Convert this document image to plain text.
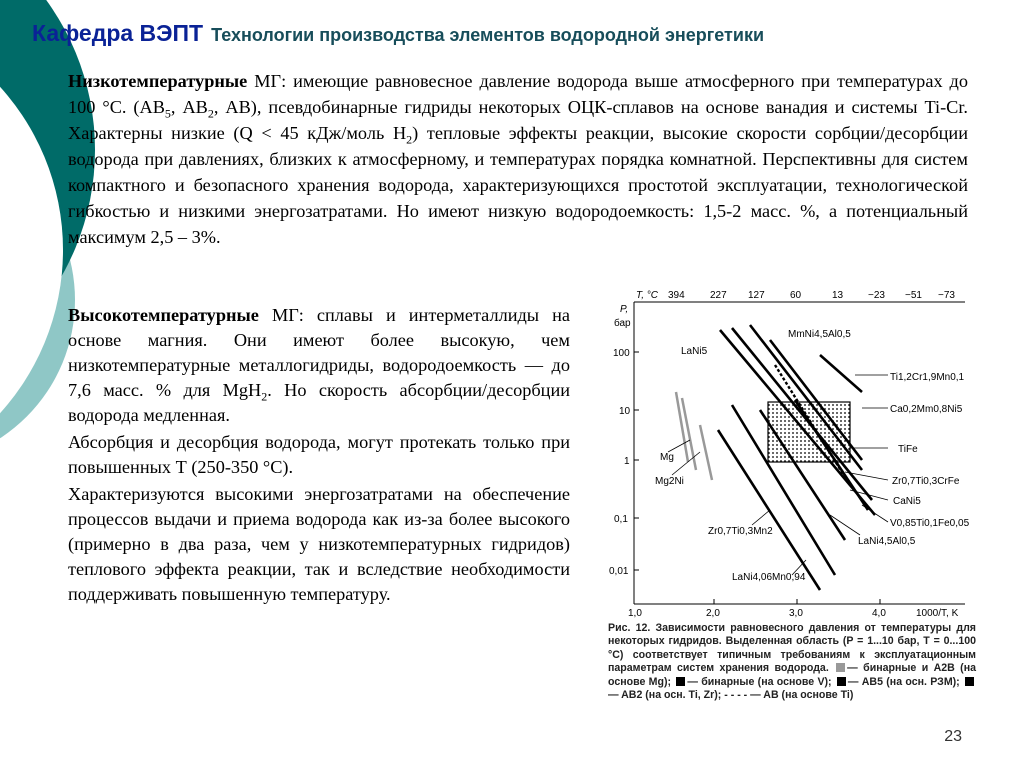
Кафедра ВЭПТ Технологии производства элементов водородной энергетики
Низкотемпературные МГ: имеющие равновесное давление водорода выше атмосферного при температурах до 100 °С. ($АВ_5$, $АВ_2$, АВ), псевдобинарные гидриды некоторых ОЦК-сплавов на основе ванадия и системы Ti-Cr. Характерны низкие (Q < 45 кДж/моль $Н_2$) тепловые эффекты реакции, высокие скорости сорбции/десорбции водорода при давлениях, близких к атмосферному, и температурах порядка комнатной. Перспективны для систем компактного и безопасного хранения водорода, характеризующихся простотой эксплуатации, технологической гибкостью и низкими энергозатратами. Но имеют низкую водородоемкость: 1,5-2 масс. %, а потенциальный максимум 2,5 – 3%.

Высокотемпературные МГ: сплавы и интерметаллиды на основе магния. Они имеют более высокую, чем низкотемпературные металлогидриды, водородоемкость — до 7,6 масс. % для MgH$_2$. Но скорость абсорбции/десорбции водорода медленная.

Абсорбция и десорбция водорода, могут протекать только при повышенных Т (250-350 °С).

Характеризуются высокими энергозатратами на обеспечение процессов выдачи и приема водорода как из-за более высокого (примерно в два раза, чем у низкотемпературных гидридов) теплового эффекта реакции, так и вследствие необходимости поддерживать повышенную температуру.

T, °C 394	227 127	60	13 −23 −51 −73
P,
бар
100
10
1
0,1
0,01
1,0	2,0	3,0	4,0	1000/T, K
LaNi5
MmNi4,5Al0,5
Ti1,2Cr1,9Mn0,1
Ca0,2Mm0,8Ni5
TiFe
Mg
Mg2Ni	Zr0,7Ti0,3CrFe
CaNi5
V0,85Ti0,1Fe0,05
Zr0,7Ti0,3Mn2
LaNi4,5Al0,5
LaNi4,06Mn0,94
Рис. 12. Зависимости равновесного давления от температуры для некоторых гидридов. Выделенная область (P = 1...10 бар, T = 0...100 °С) соответствует типичным требованиям к эксплуатационным параметрам систем хранения водорода. — бинарные и A2B (на основе Mg); — бинарные (на основе V); — AB5 (на осн. РЗМ); — AB2 (на осн. Ti, Zr); - - - - — AB (на основе Ti)
23
